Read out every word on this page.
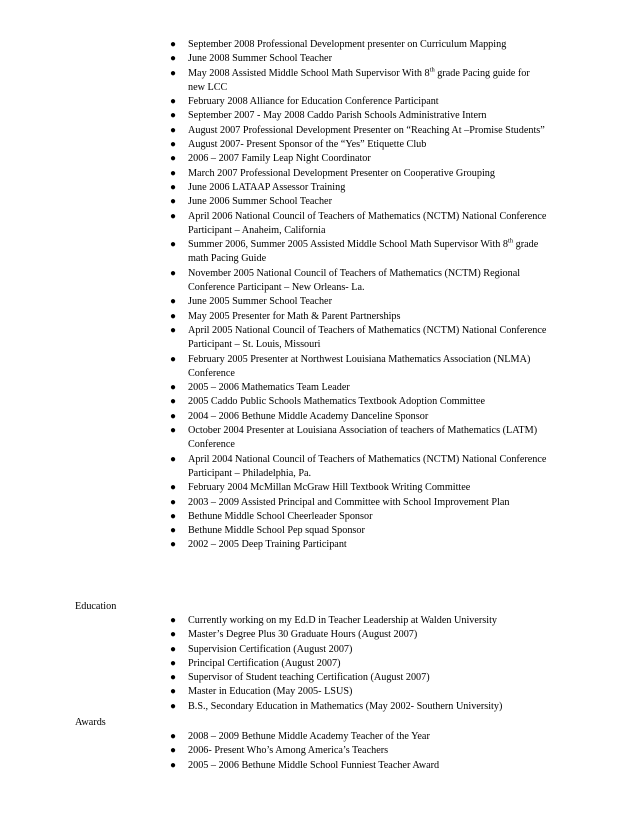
● September 2008 Professional Development presenter on Curriculum Mapping
● June 2008 Summer School Teacher
● May 2008 Assisted Middle School Math Supervisor With 8th grade Pacing guide for new LCC
● February 2008 Alliance for Education Conference Participant
● September 2007 - May 2008 Caddo Parish Schools Administrative Intern
● August 2007 Professional Development Presenter on “Reaching At –Promise Students”
● August 2007- Present Sponsor of the “Yes” Etiquette Club
● 2006 – 2007 Family Leap Night Coordinator
● March 2007 Professional Development Presenter on Cooperative Grouping
● June 2006 LATAAP Assessor Training
● June 2006 Summer School Teacher
● April 2006 National Council of Teachers of Mathematics (NCTM) National Conference Participant – Anaheim, California
● Summer 2006, Summer 2005 Assisted Middle School Math Supervisor With 8th grade math Pacing Guide
● November 2005 National Council of Teachers of Mathematics (NCTM) Regional Conference Participant – New Orleans- La.
● June 2005 Summer School Teacher
● May 2005 Presenter for Math & Parent Partnerships
● April 2005 National Council of Teachers of Mathematics (NCTM) National Conference Participant – St. Louis, Missouri
● February 2005 Presenter at Northwest Louisiana Mathematics Association (NLMA) Conference
● 2005 – 2006 Mathematics Team Leader
● 2005 Caddo Public Schools Mathematics Textbook Adoption Committee
● 2004 – 2006 Bethune Middle Academy Danceline Sponsor
● October 2004 Presenter at Louisiana Association of teachers of Mathematics (LATM) Conference
● April 2004 National Council of Teachers of Mathematics (NCTM) National Conference Participant – Philadelphia, Pa.
● February 2004 McMillan McGraw Hill Textbook Writing Committee
● 2003 – 2009 Assisted Principal and Committee with School Improvement Plan
● Bethune Middle School Cheerleader Sponsor
● Bethune Middle School Pep squad Sponsor
● 2002 – 2005 Deep Training Participant
Education
● Currently working on my Ed.D in Teacher Leadership at Walden University
● Master’s Degree Plus 30 Graduate Hours (August 2007)
● Supervision Certification (August 2007)
● Principal Certification (August 2007)
● Supervisor of Student teaching Certification (August 2007)
● Master in Education (May 2005- LSUS)
● B.S., Secondary Education in Mathematics (May 2002- Southern University)
Awards
● 2008 – 2009 Bethune Middle Academy Teacher of the Year
● 2006- Present Who’s Among America’s Teachers
● 2005 – 2006 Bethune Middle School Funniest Teacher Award
